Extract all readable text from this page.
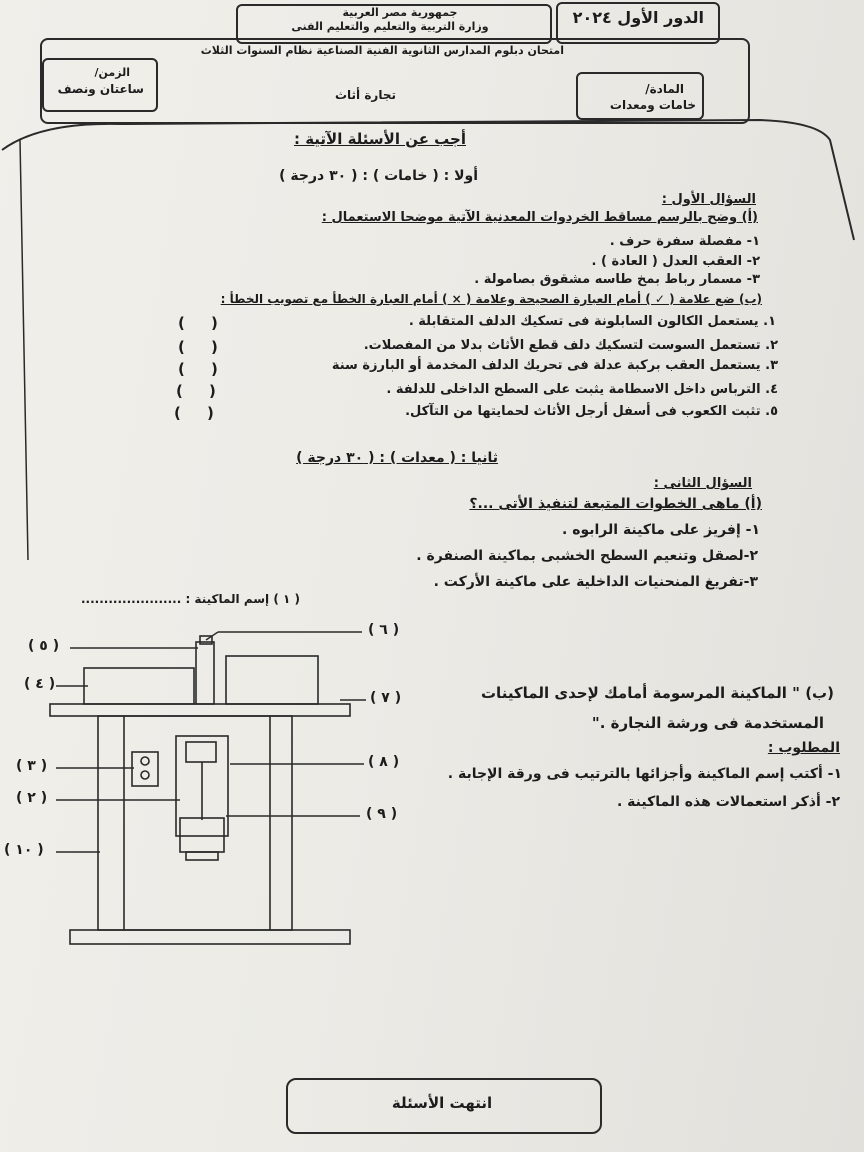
جمهورية مصر العربية
وزارة التربية والتعليم والتعليم الفنى	الدور الأول ٢٠٢٤
امتحان دبلوم المدارس الثانوية الفنية الصناعية نظام السنوات الثلاث
المادة/
خامات ومعدات
تجارة أثاث
الزمن/
ساعتان ونصف
أجب عن الأسئلة الآتية :
أولا : ( خامات ) : ( ٣٠ درجة )
السؤال الأول :
(أ) وضح بالرسم مساقط الخردوات المعدنية الآتية موضحا الاستعمال :
١- مفصلة سفرة حرف .
٢- العقب العدل ( العادة ) .
٣- مسمار رباط بمخ طاسه مشقوق بصامولة .
(ب) ضع علامة ( ✓ ) أمام العبارة الصحيحة وعلامة ( × ) أمام العبارة الخطأ مع تصويب الخطأ :
١. يستعمل الكالون السابلونة فى تسكيك الدلف المتقابلة .
٢. تستعمل السوست لتسكيك دلف قطع الأثاث بدلا من المفصلات.
٣. يستعمل العقب بركبة عدلة فى تحريك الدلف المخدمة أو البارزة سنة
٤. الترباس داخل الاسطامة يثبت على السطح الداخلى للدلفة .
٥. تثبت الكعوب فى أسفل أرجل الأثاث لحمايتها من التآكل.
(     )
(     )
(     )
(     )
(     )
ثانيا : ( معدات ) : ( ٣٠ درجة )
السؤال الثانى :
(أ) ماهى الخطوات المتبعة لتنفيذ الأتى ...؟
١- إفريز على ماكينة الرابوه .
٢-لصقل وتنعيم السطح الخشبى بماكينة الصنفرة .
٣-تفريغ المنحنيات الداخلية على ماكينة الأركت .
( ١ ) إسم الماكينة : ......................
(ب) " الماكينة المرسومة أمامك لإحدى الماكينات
المستخدمة فى ورشة النجارة ."
المطلوب :
١- أكتب إسم الماكينة وأجزائها بالترتيب فى ورقة الإجابة .
٢- أذكر استعمالات هذه الماكينة .
( ٦ )
( ٥ )
( ٤ )
( ٧ )
( ٣ )	( ٨ )
( ٢ )
( ٩ )
( ١٠ )
انتهت الأسئلة
